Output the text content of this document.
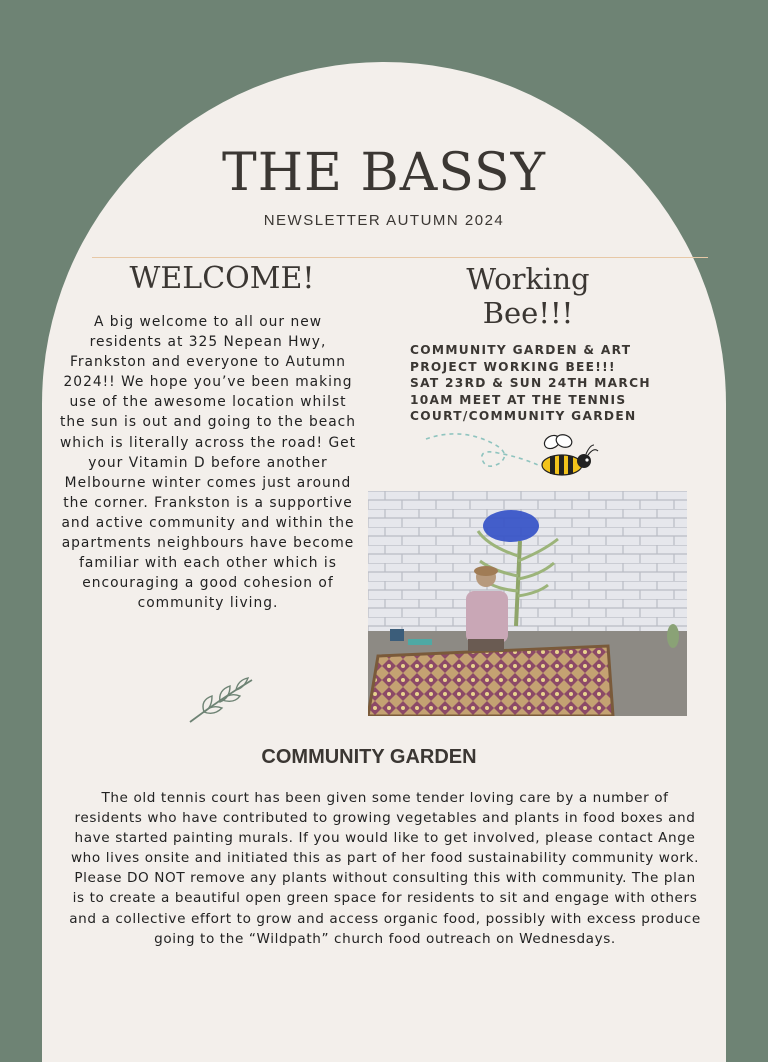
THE BASSY
NEWSLETTER AUTUMN 2024
WELCOME!
A big welcome to all our new residents at 325 Nepean Hwy, Frankston and everyone to Autumn 2024!! We hope you’ve been making use of the awesome location whilst the sun is out and going to the beach which is literally across the road! Get your Vitamin D before another Melbourne winter comes just around the corner. Frankston is a supportive and active community and within the apartments neighbours have become familiar with each other which is encouraging a good cohesion of community living.
Working Bee!!!
COMMUNITY GARDEN & ART PROJECT WORKING BEE!!!
SAT 23RD & SUN 24TH MARCH
10AM MEET AT THE TENNIS COURT/COMMUNITY GARDEN
COMMUNITY GARDEN
The old tennis court has been given some tender loving care by a number of residents who have contributed to growing vegetables and plants in food boxes and have started painting murals. If you would like to get involved, please contact Ange who lives onsite and initiated this as part of her food sustainability community work. Please DO NOT remove any plants without consulting this with community. The plan is to create a beautiful open green space for residents to sit and engage with others and a collective effort to grow and access organic food, possibly with excess produce going to the “Wildpath” church food outreach on Wednesdays.
